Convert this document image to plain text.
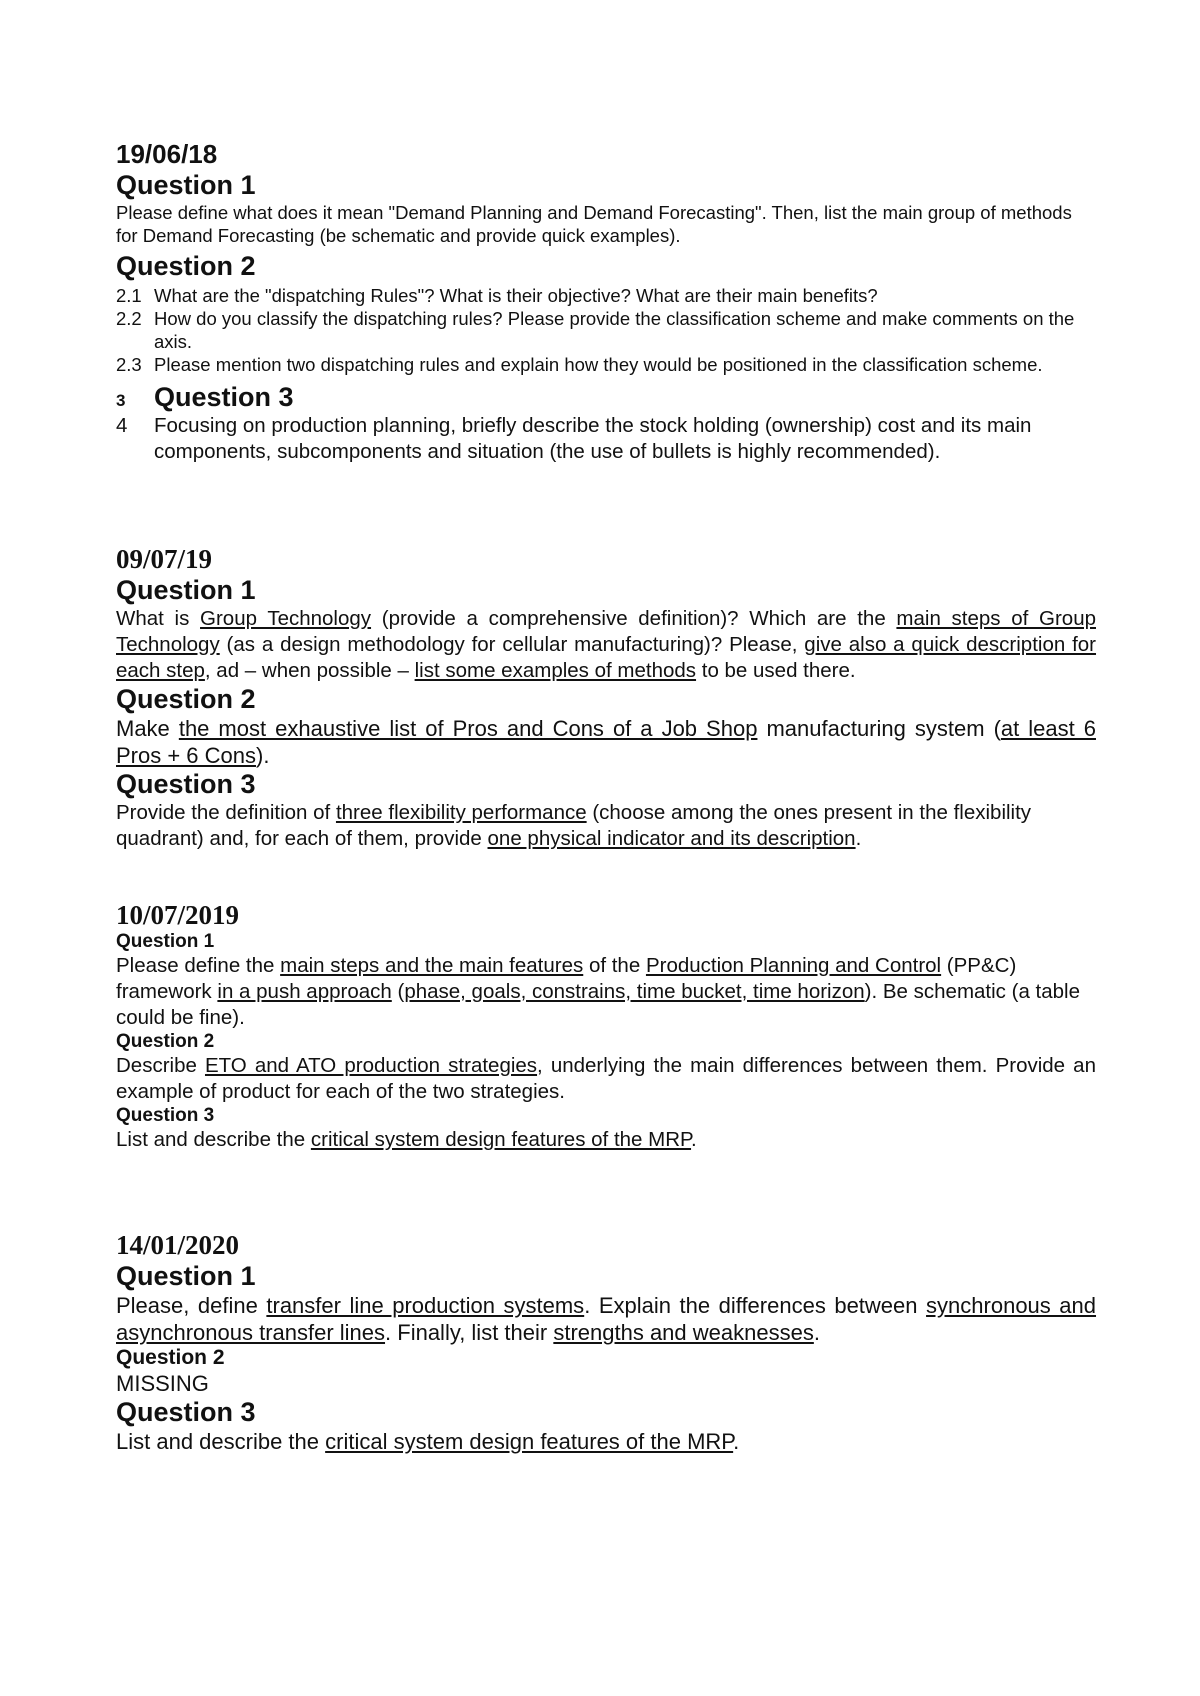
19/06/18
Question 1
Please define what does it mean "Demand Planning and Demand Forecasting". Then, list the main group of methods for Demand Forecasting (be schematic and provide quick examples).
Question 2
2.1 What are the "dispatching Rules"? What is their objective? What are their main benefits?
2.2 How do you classify the dispatching rules? Please provide the classification scheme and make comments on the axis.
2.3 Please mention two dispatching rules and explain how they would be positioned in the classification scheme.
3	Question 3
4	Focusing on production planning, briefly describe the stock holding (ownership) cost and its main components, subcomponents and situation (the use of bullets is highly recommended).
09/07/19
Question 1
What is Group Technology (provide a comprehensive definition)? Which are the main steps of Group Technology (as a design methodology for cellular manufacturing)? Please, give also a quick description for each step, ad – when possible – list some examples of methods to be used there.
Question 2
Make the most exhaustive list of Pros and Cons of a Job Shop manufacturing system (at least 6 Pros + 6 Cons).
Question 3
Provide the definition of three flexibility performance (choose among the ones present in the flexibility quadrant) and, for each of them, provide one physical indicator and its description.
10/07/2019
Question 1
Please define the main steps and the main features of the Production Planning and Control (PP&C) framework in a push approach (phase, goals, constrains, time bucket, time horizon). Be schematic (a table could be fine).
Question 2
Describe ETO and ATO production strategies, underlying the main differences between them. Provide an example of product for each of the two strategies.
Question 3
List and describe the critical system design features of the MRP.
14/01/2020
Question 1
Please, define transfer line production systems. Explain the differences between synchronous and asynchronous transfer lines. Finally, list their strengths and weaknesses.
Question 2
MISSING
Question 3
List and describe the critical system design features of the MRP.
